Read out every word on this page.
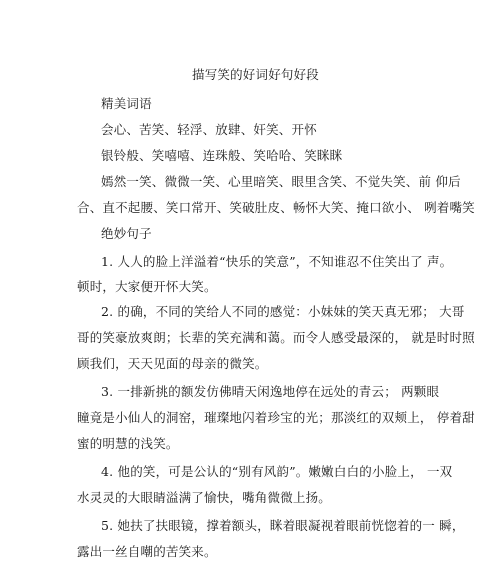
描写笑的好词好句好段

精美词语

会心、苦笑、轻浮、放肆、奸笑、开怀

银铃般、笑嘻嘻、连珠般、笑哈哈、笑眯眯

嫣然一笑、微微一笑、心里暗笑、眼里含笑、不觉失笑、前 仰后

合、直不起腰、笑口常开、笑破肚皮、畅怀大笑、掩口欲小、 咧着嘴笑

绝妙句子

1. 人人的脸上洋溢着“快乐的笑意”，不知谁忍不住笑出了 声。

顿时，大家便开怀大笑。

2. 的确，不同的笑给人不同的感觉：小妹妹的笑天真无邪； 大哥

哥的笑豪放爽朗；长辈的笑充满和蔼。而令人感受最深的， 就是时时照

顾我们，天天见面的母亲的微笑。

3. 一排新挑的额发仿佛晴天闲逸地停在远处的青云； 两颗眼

瞳竟是小仙人的洞窑，璀璨地闪着珍宝的光；那淡红的双颊上， 停着甜

蜜的明慧的浅笑。

4. 他的笑，可是公认的“别有风韵”。嫩嫩白白的小脸上， 一双

水灵灵的大眼睛溢满了愉快，嘴角微微上扬。

5. 她扶了扶眼镜，撑着额头，眯着眼凝视着眼前恍惚着的一 瞬，

露出一丝自嘲的苦笑来。
